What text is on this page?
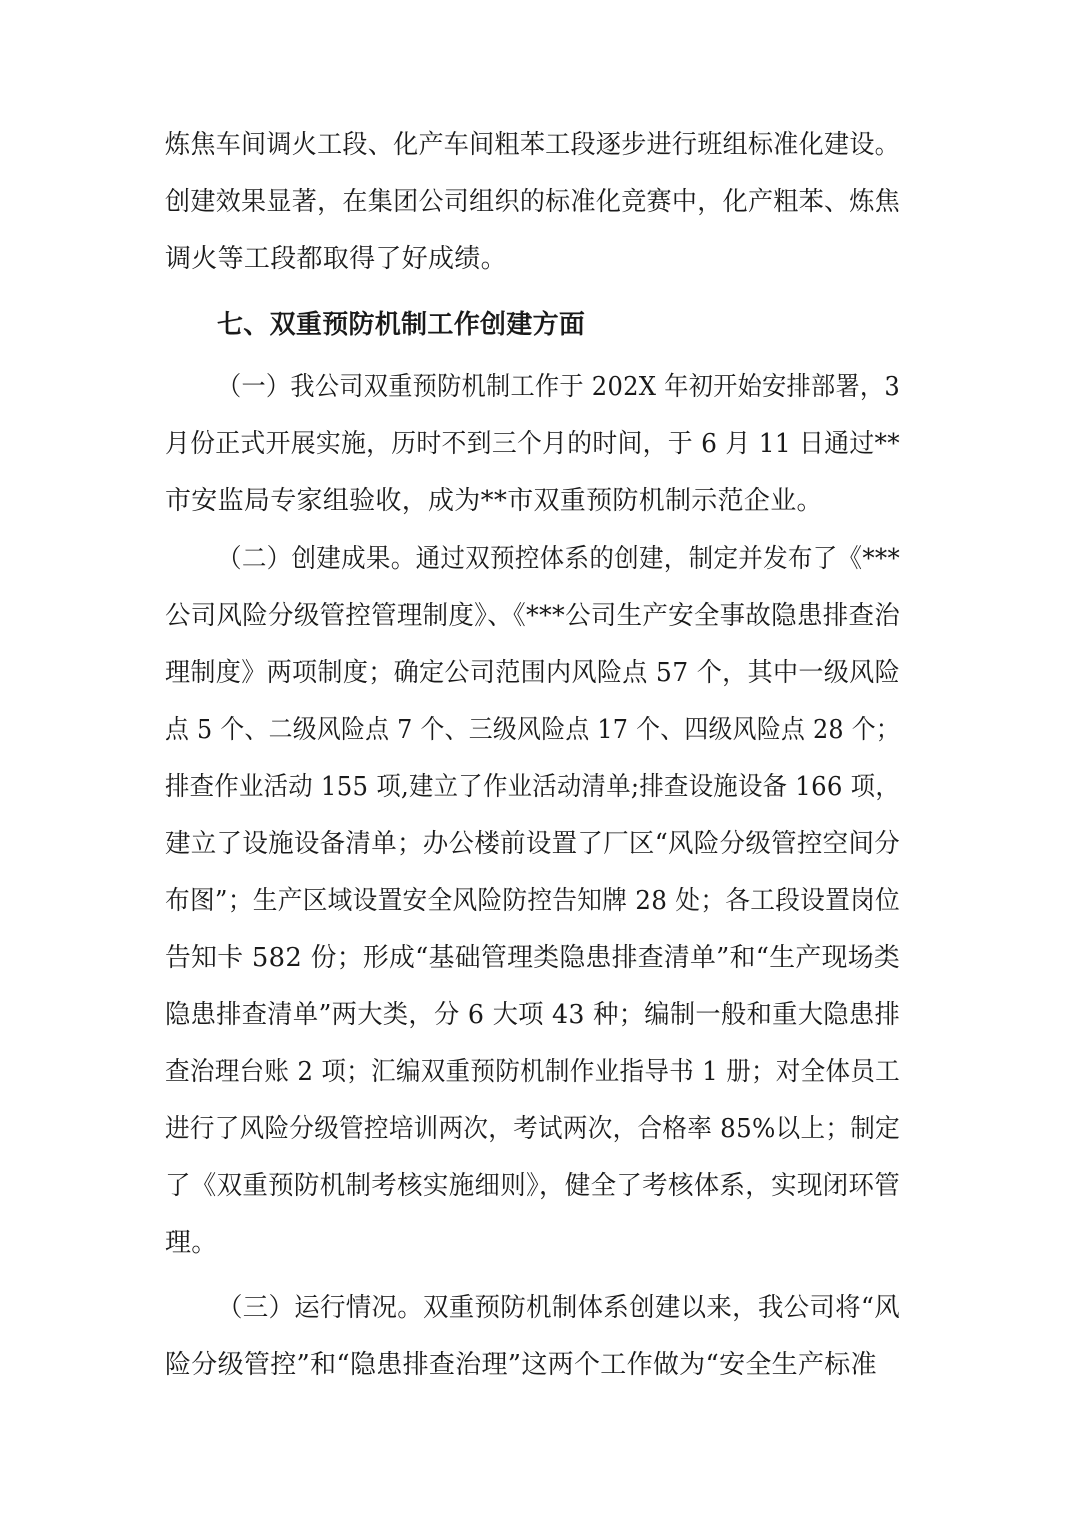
炼焦车间调火工段、化产车间粗苯工段逐步进行班组标准化建设。
创建效果显著，在集团公司组织的标准化竞赛中，化产粗苯、炼焦
调火等工段都取得了好成绩。
七、双重预防机制工作创建方面
（一）我公司双重预防机制工作于 202X 年初开始安排部署，3
月份正式开展实施，历时不到三个月的时间，于 6 月 11 日通过**
市安监局专家组验收，成为**市双重预防机制示范企业。
（二）创建成果。通过双预控体系的创建，制定并发布了《***
公司风险分级管控管理制度》、《***公司生产安全事故隐患排查治
理制度》两项制度；确定公司范围内风险点 57 个，其中一级风险
点 5 个、二级风险点 7 个、三级风险点 17 个、四级风险点 28 个；
排查作业活动 155 项,建立了作业活动清单;排查设施设备 166 项，
建立了设施设备清单；办公楼前设置了厂区“风险分级管控空间分
布图”；生产区域设置安全风险防控告知牌 28 处；各工段设置岗位
告知卡 582 份；形成“基础管理类隐患排查清单”和“生产现场类
隐患排查清单”两大类，分 6 大项 43 种；编制一般和重大隐患排
查治理台账 2 项；汇编双重预防机制作业指导书 1 册；对全体员工
进行了风险分级管控培训两次，考试两次，合格率 85%以上；制定
了《双重预防机制考核实施细则》，健全了考核体系，实现闭环管
理。
（三）运行情况。双重预防机制体系创建以来，我公司将“风
险分级管控”和“隐患排查治理”这两个工作做为“安全生产标准
